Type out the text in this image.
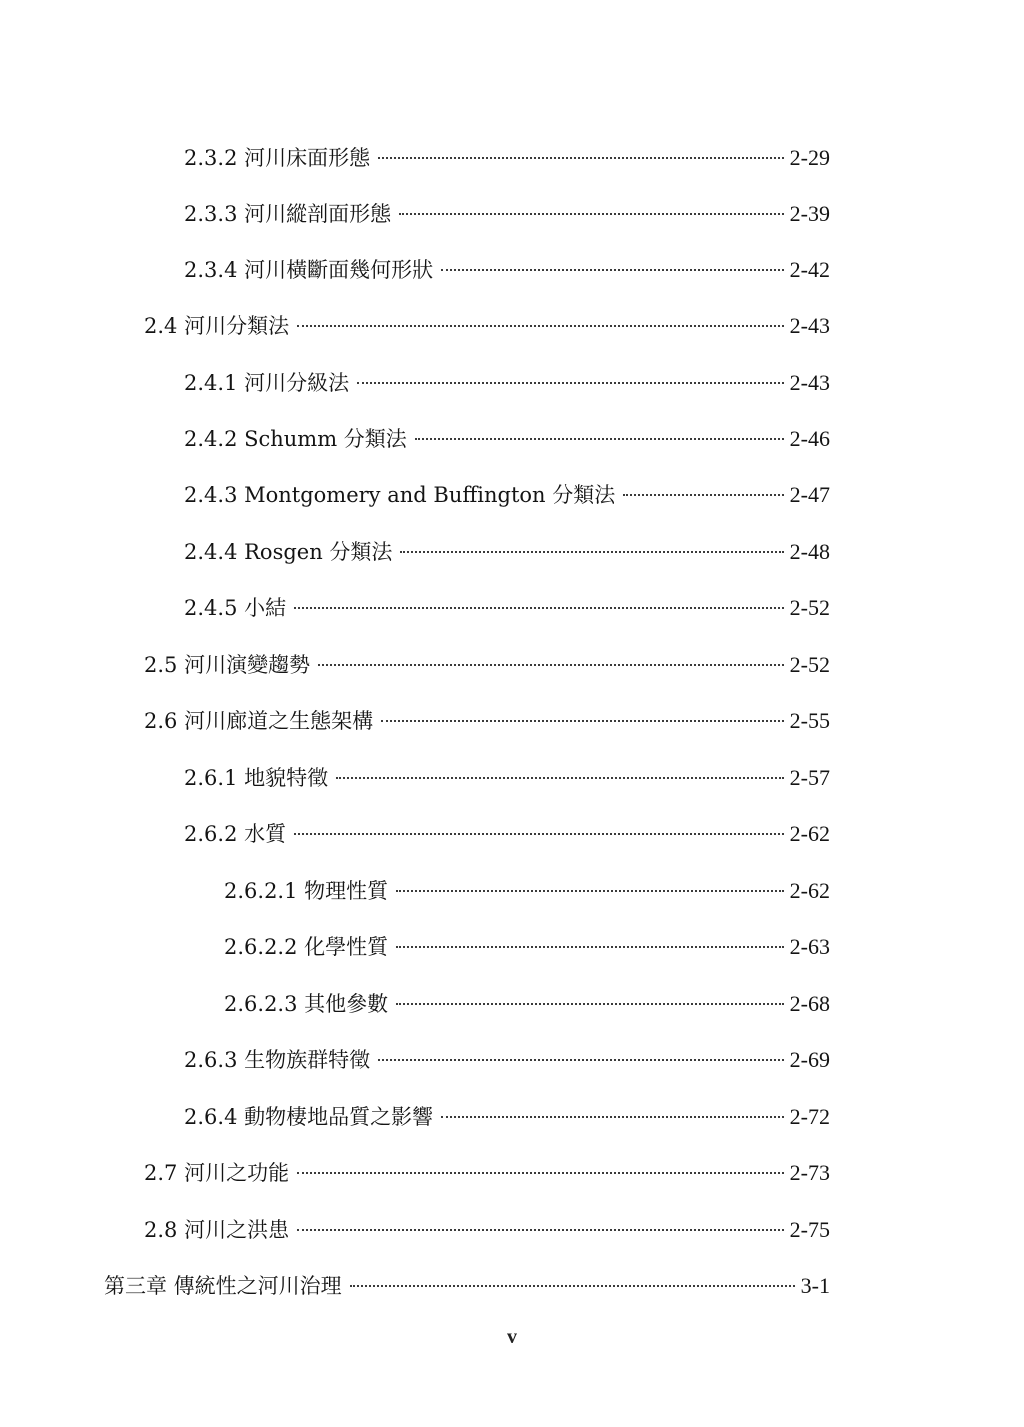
2.3.2 河川床面形態	2-29
2.3.3 河川縱剖面形態	2-39
2.3.4 河川橫斷面幾何形狀	2-42
2.4 河川分類法	2-43
2.4.1 河川分級法	2-43
2.4.2 Schumm 分類法	2-46
2.4.3 Montgomery and Buffington 分類法	2-47
2.4.4 Rosgen 分類法	2-48
2.4.5 小結	2-52
2.5 河川演變趨勢	2-52
2.6 河川廊道之生態架構	2-55
2.6.1 地貌特徵	2-57
2.6.2 水質	2-62
2.6.2.1 物理性質	2-62
2.6.2.2 化學性質	2-63
2.6.2.3 其他參數	2-68
2.6.3 生物族群特徵	2-69
2.6.4 動物棲地品質之影響	2-72
2.7 河川之功能	2-73
2.8 河川之洪患	2-75
第三章 傳統性之河川治理	3-1
v
